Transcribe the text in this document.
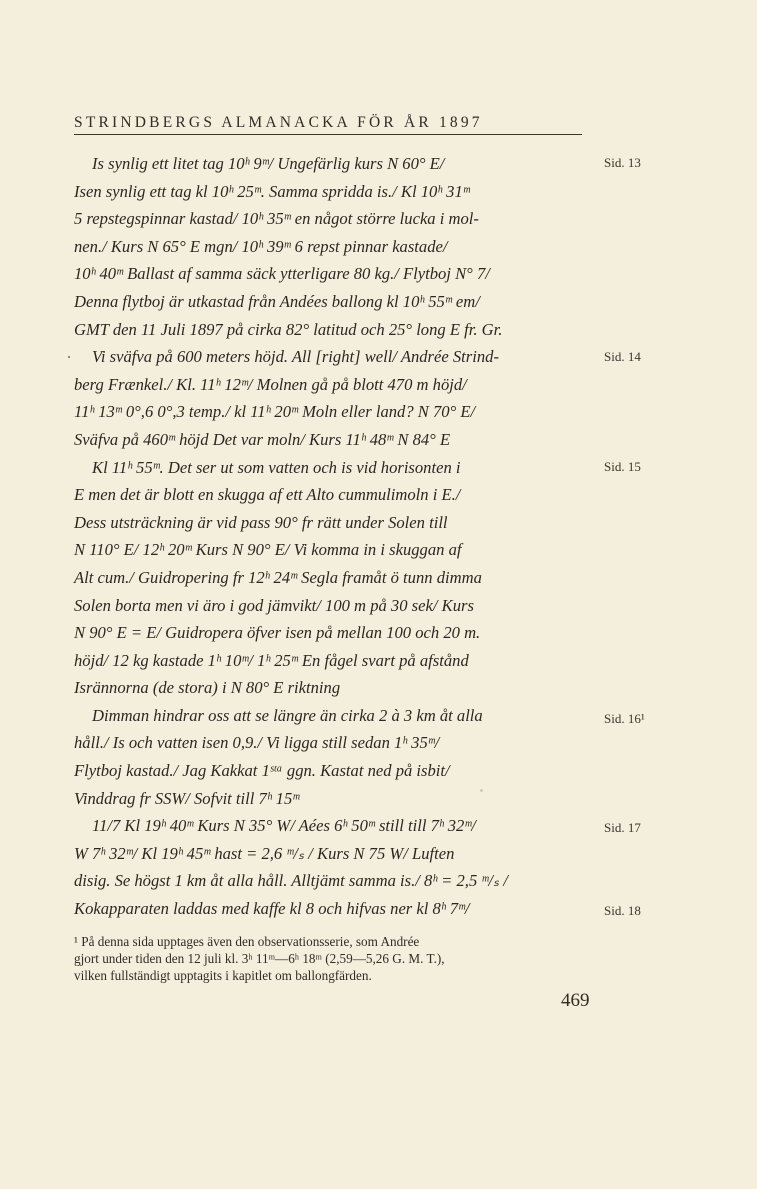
STRINDBERGS ALMANACKA FÖR ÅR 1897
Is synlig ett litet tag 10ʰ 9ᵐ/ Ungefärlig kurs N 60° E/
Isen synlig ett tag kl 10ʰ 25ᵐ. Samma spridda is./ Kl 10ʰ 31ᵐ
5 repstegspinnar kastad/ 10ʰ 35ᵐ en något större lucka i mol-
nen./ Kurs N 65° E mgn/ 10ʰ 39ᵐ 6 repst pinnar kastade/
10ʰ 40ᵐ Ballast af samma säck ytterligare 80 kg./ Flytboj N° 7/
Denna flytboj är utkastad från Andées ballong kl 10ʰ 55ᵐ em/
GMT den 11 Juli 1897 på cirka 82° latitud och 25° long E fr. Gr.
Vi sväfva på 600 meters höjd. All [right] well/ Andrée Strind-
berg Frænkel./ Kl. 11ʰ 12ᵐ/ Molnen gå på blott 470 m höjd/
11ʰ 13ᵐ 0°,6 0°,3 temp./ kl 11ʰ 20ᵐ Moln eller land? N 70° E/
Sväfva på 460ᵐ höjd Det var moln/ Kurs 11ʰ 48ᵐ N 84° E
Kl 11ʰ 55ᵐ. Det ser ut som vatten och is vid horisonten i
E men det är blott en skugga af ett Alto cummulimoln i E./
Dess utsträckning är vid pass 90° fr rätt under Solen till
N 110° E/ 12ʰ 20ᵐ Kurs N 90° E/ Vi komma in i skuggan af
Alt cum./ Guidropering fr 12ʰ 24ᵐ Segla framåt ö tunn dimma
Solen borta men vi äro i god jämvikt/ 100 m på 30 sek/ Kurs
N 90° E = E/ Guidropera öfver isen på mellan 100 och 20 m.
höjd/ 12 kg kastade 1ʰ 10ᵐ/ 1ʰ 25ᵐ En fågel svart på afstånd
Isrännorna (de stora) i N 80° E riktning
Dimman hindrar oss att se längre än cirka 2 à 3 km åt alla
håll./ Is och vatten isen 0,9./ Vi ligga still sedan 1ʰ 35ᵐ/
Flytboj kastad./ Jag Kakkat 1ˢᵗᵃ ggn. Kastat ned på isbit/
Vinddrag fr SSW/ Sofvit till 7ʰ 15ᵐ
11/7 Kl 19ʰ 40ᵐ Kurs N 35° W/ Aées 6ʰ 50ᵐ still till 7ʰ 32ᵐ/
W 7ʰ 32ᵐ/ Kl 19ʰ 45ᵐ hast = 2,6 ᵐ/ₛ / Kurs N 75 W/ Luften
disig. Se högst 1 km åt alla håll. Alltjämt samma is./ 8ʰ = 2,5 ᵐ/ₛ /
Kokapparaten laddas med kaffe kl 8 och hifvas ner kl 8ʰ 7ᵐ/
Sid. 13
Sid. 14
Sid. 15
Sid. 16¹
Sid. 17
Sid. 18
¹ På denna sida upptages även den observationsserie, som Andrée
gjort under tiden den 12 juli kl. 3ʰ 11ᵐ—6ʰ 18ᵐ (2,59—5,26 G. M. T.),
vilken fullständigt upptagits i kapitlet om ballongfärden.
469
